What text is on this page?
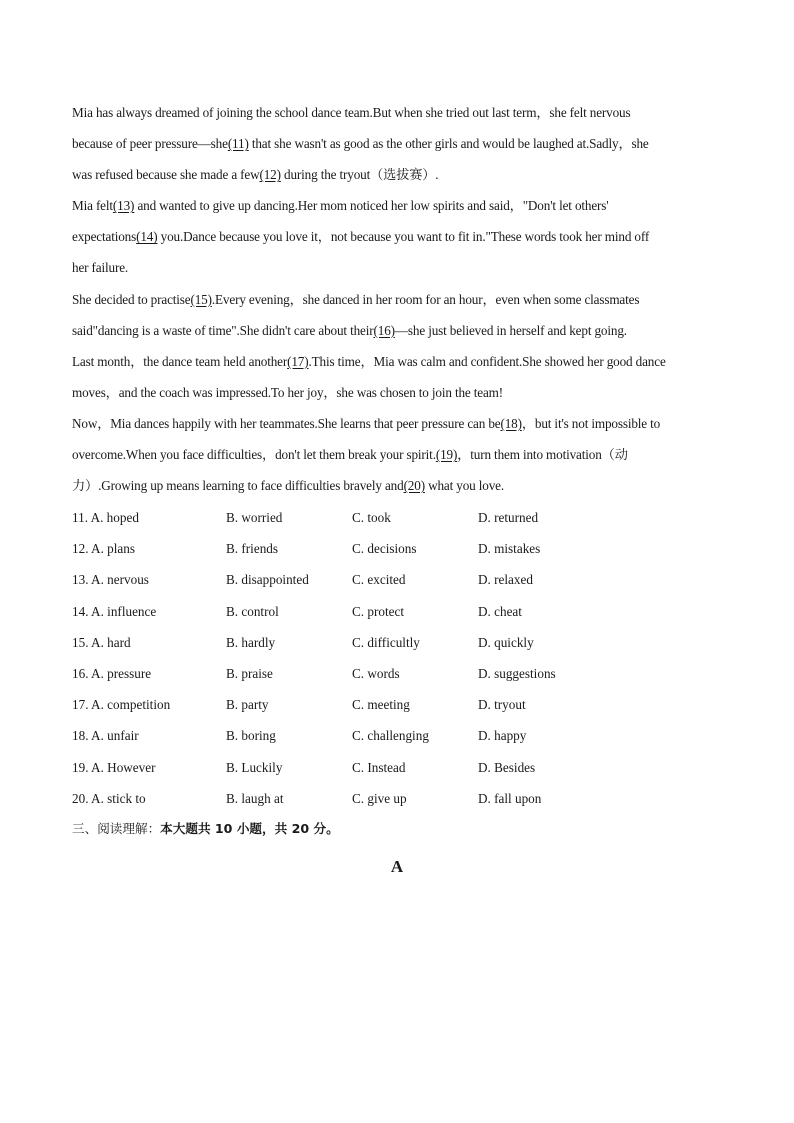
Mia has always dreamed of joining the school dance team.But when she tried out last term，she felt nervous
because of peer pressure—she(11) that she wasn't as good as the other girls and would be laughed at.Sadly，she
was refused because she made a few(12) during the tryout（选拔赛）.
Mia felt(13) and wanted to give up dancing.Her mom noticed her low spirits and said，"Don't let others'
expectations(14) you.Dance because you love it，not because you want to fit in."These words took her mind off
her failure.
She decided to practise(15).Every evening，she danced in her room for an hour，even when some classmates
said"dancing is a waste of time".She didn't care about their(16)—she just believed in herself and kept going.
Last month，the dance team held another(17).This time，Mia was calm and confident.She showed her good dance
moves，and the coach was impressed.To her joy，she was chosen to join the team!
Now，Mia dances happily with her teammates.She learns that peer pressure can be(18)，but it's not impossible to
overcome.When you face difficulties，don't let them break your spirit.(19)，turn them into motivation（动
力）.Growing up means learning to face difficulties bravely and(20) what you love.
11. A. hoped	B. worried	C. took	D. returned
12. A. plans	B. friends	C. decisions	D. mistakes
13. A. nervous	B. disappointed	C. excited	D. relaxed
14. A. influence	B. control	C. protect	D. cheat
15. A. hard	B. hardly	C. difficultly	D. quickly
16. A. pressure	B. praise	C. words	D. suggestions
17. A. competition	B. party	C. meeting	D. tryout
18. A. unfair	B. boring	C. challenging	D. happy
19. A. However	B. Luckily	C. Instead	D. Besides
20. A. stick to	B. laugh at	C. give up	D. fall upon
三、阅读理解：本大题共 10 小题，共 20 分。
A
